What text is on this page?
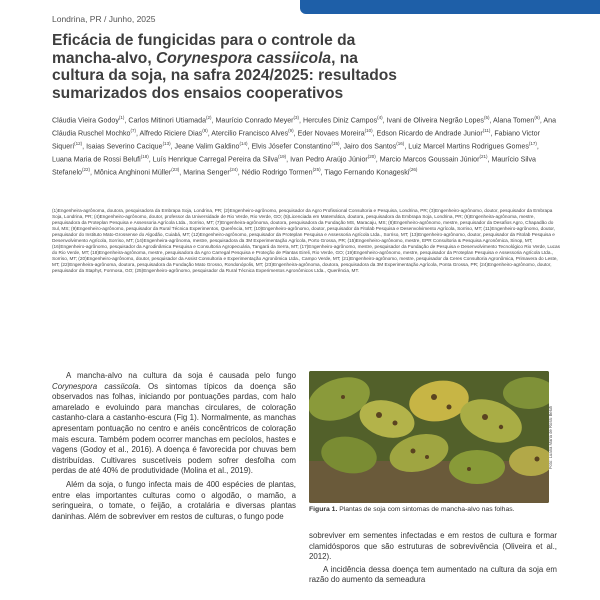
Londrina, PR / Junho, 2025
Eficácia de fungicidas para o controle da mancha-alvo, Corynespora cassiicola, na cultura da soja, na safra 2024/2025: resultados sumarizados dos ensaios cooperativos
Cláudia Vieira Godoy$^{(1)}$, Carlos Mitinori Utiamada$^{(2)}$, Maurício Conrado Meyer$^{(3)}$, Hercules Diniz Campos$^{(4)}$, Ivani de Oliveira Negrão Lopes$^{(5)}$, Alana Tomen$^{(6)}$, Ana Cláudia Ruschel Mochko$^{(7)}$, Alfredo Riciere Dias$^{(8)}$, Atercilio Francisco Alves$^{(9)}$, Eder Novaes Moreira$^{(10)}$, Edson Ricardo de Andrade Junior$^{(11)}$, Fabiano Victor Siqueri$^{(12)}$, Isaias Severino Cacique$^{(13)}$, Jeane Valim Galdino$^{(14)}$, Elvis Jósefer Constantino$^{(15)}$, Jairo dos Santos$^{(16)}$, Luiz Marcel Martins Rodrigues Gomes$^{(17)}$, Luana Maria de Rossi Belufi$^{(18)}$, Luís Henrique Carregal Pereira da Silva$^{(19)}$, Ivan Pedro Araújo Júnior$^{(20)}$, Marcio Marcos Goussain Júnior$^{(21)}$, Maurício Silva Stefanelo$^{(22)}$, Mônica Anghinoni Müller$^{(23)}$, Marina Senger$^{(24)}$, Nédio Rodrigo Tormen$^{(25)}$, Tiago Fernando Konageski$^{(26)}$
(1)Engenheira-agrônoma, doutora, pesquisadora da Embrapa Soja, Londrina, PR; (2)Engenheiro-agrônomo, pesquisador da Agro Profissional Consultoria e Pesquisa, Londrina, PR; (3)Engenheiro-agrônomo, doutor, pesquisador da Embrapa Soja, Londrina, PR; (4)Engenheiro-agrônomo, doutor, professor da Universidade de Rio Verde, Rio Verde, GO; (5)Licenciada em Matemática, doutora, pesquisadora da Embrapa Soja, Londrina, PR; (6)Engenheira-agrônoma, mestre, pesquisadora da Proteplan Pesquisa e Assessoria Agrícola Ltda., Sorriso, MT; (7)Engenheira-agrônoma, doutora, pesquisadora da Fundação MS, Maracaju, MS; (8)Engenheiro-agrônomo, mestre, pesquisador da Desafios Agro, Chapadão do Sul, MS; (9)Engenheiro-agrônomo, pesquisador da Rural Técnica Experimentos, Querência, MT; (10)Engenheiro-agrônomo, doutor, pesquisador da Fitolab Pesquisa e Desenvolvimento Agrícola, Sorriso, MT; (11)Engenheiro-agrônomo, doutor, pesquisador do Instituto Mato-Grossense do Algodão, Cuiabá, MT; (12)Engenheiro-agrônomo, pesquisador da Proteplan Pesquisa e Assessoria Agrícola Ltda., Sorriso, MT; (13)Engenheiro-agrônomo, doutor, pesquisador da Fitolab Pesquisa e Desenvolvimento Agrícola, Sorriso, MT; (14)Engenheira-agrônoma, mestre, pesquisadora da 3M Experimentação Agrícola, Porto Grossa, PR; (15)Engenheiro-agrônomo, mestre, EPR Consultoria & Pesquisa Agronômica, Sinop, MT; (16)Engenheiro-agrônomo, pesquisador da Agrodinâmica Pesquisa e Consultoria Agropecuária, Tangará da Serra, MT; (17)Engenheiro-agrônomo, mestre, pesquisador da Fundação de Pesquisa e Desenvolvimento Tecnológico Rio Verde, Lucas do Rio Verde, MT; (18)Engenheira-agrônoma, mestre, pesquisadora da Agro Carregal Pesquisa e Proteção de Plantas Eireli, Rio Verde, GO; (19)Engenheiro-agrônomo, mestre, pesquisador da Proteplan Pesquisa e Assessoria Agrícola Ltda., Sorriso, MT; (20)Engenheiro-agrônomo, doutor, pesquisador da Assist Consultoria e Experimentação Agronômica Ltda., Campo Verde, MT; (21)Engenheiro-agrônomo, mestre, pesquisador da Ceres Consultoria Agronômica, Primavera do Leste, MT; (22)Engenheira-agrônoma, doutora, pesquisadora da Fundação Mato Grosso, Rondonópolis, MT; (23)Engenheira-agrônoma, doutora, pesquisadora da 3M Experimentação Agrícola, Ponta Grossa, PR; (24)Engenheiro-agrônomo, doutor, pesquisador da Staphyt, Formosa, GO; (25)Engenheiro-agrônomo, pesquisador da Rural Técnica Experimentos Agronômicos Ltda., Querência, MT.

A mancha-alvo na cultura da soja é causada pelo fungo Corynespora cassiicola. Os sintomas típicos da doença são observados nas folhas, iniciando por pontuações pardas, com halo amarelado e evoluindo para manchas circulares, de coloração castanho-clara a castanho-escura (Fig 1). Normalmente, as manchas apresentam pontuação no centro e anéis concêntricos de coloração mais escura. Também podem ocorrer manchas em pecíolos, hastes e vagens (Godoy et al., 2016). A doença é favorecida por chuvas bem distribuídas. Cultivares suscetíveis podem sofrer desfolha com perdas de até 40% de produtividade (Molina et al., 2019).

Além da soja, o fungo infecta mais de 400 espécies de plantas, entre elas importantes culturas como o algodão, o mamão, a seringueira, o tomate, o feijão, a crotalária e diversas plantas daninhas. Além de sobreviver em restos de culturas, o fungo pode

Foto: Luana Maria de Rossi Belufi
Figura 1. Plantas de soja com sintomas de mancha-alvo nas folhas.

sobreviver em sementes infectadas e em restos de cultura e formar clamidósporos que são estruturas de sobrevivência (Oliveira et al., 2012).

A incidência dessa doença tem aumentado na cultura da soja em razão do aumento da semeadura
